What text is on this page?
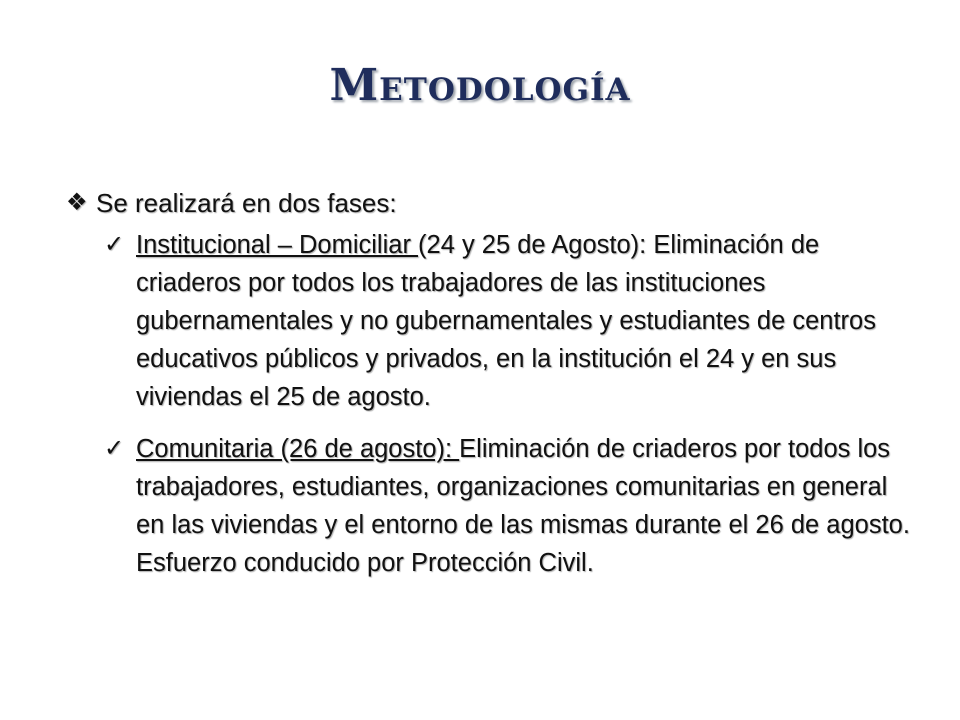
Metodología
❖ Se realizará en dos fases:
✓ Institucional – Domiciliar (24 y 25 de Agosto): Eliminación de criaderos por todos los trabajadores de las instituciones gubernamentales y no gubernamentales y estudiantes de centros educativos públicos y privados, en la institución el 24 y en sus viviendas el 25 de agosto.
✓ Comunitaria (26 de agosto): Eliminación de criaderos por todos los trabajadores, estudiantes, organizaciones comunitarias en general en las viviendas y el entorno de las mismas durante el 26 de agosto. Esfuerzo conducido por Protección Civil.
